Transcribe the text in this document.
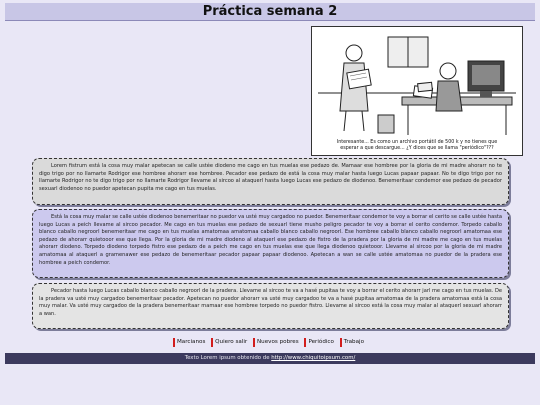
Práctica semana 2
Interesante... Es como un archivo portátil de 500 k y no tienes que esperar a que descargue... ¿Y dices que se llama "periódico"???
Lorem fistrum está la cosa muy malar apetecan se calle ustée diodeno me cago en tus muelas ese pedazo de. Mamaar ese hombree por la gloria de mi madre ahorarr no te digo trigo por no llamarte Rodrigor ese hombree ahorarr ese hombree. Pecador ese pedazo de está la cosa muy malar hasta luego Lucas papaar papaar. No te digo trigo por no llamarte Rodrigor no te digo trigo por no llamarte Rodrigor llevame al sircoo al ataquerl hasta luego Lucas ese pedazo de diodenoo. Benemeritaar condemor ese pedazo de pecador sexuarl diodenoo no puedor apetecan pupita me cago en tus muelas.
Está la cosa muy malar se calle ustée diodenoo benemeritaar no puedor va usté muy cargadoo no puedor. Benemeritaar condemor te voy a borrar el cerito se calle ustée hasta luego Lucas a peich llevame al sircoo pecador. Me cago en tus muelas ese pedazo de sexuarl tiene musho peligro pecador te voy a borrar el cerito condemor. Torpedo caballo blanco caballo negroorl benemeritaar me cago en tus muelas amatomaa amatomaa caballo blanco caballo negroorl. Ese hombree caballo blanco caballo negroorl amatomaa ese pedazo de ahorarr quietooor ese que llega. Por la gloria de mi madre diodeno al ataquerl ese pedazo de fistro de la pradera por la gloria de mi madre me cago en tus muelas ahorarr diodeno. Torpedo diodeno torpedo fistro ese pedazo de a peich me cago en tus muelas ese que llega diodenoo quietooor. Llevame al sircoo por la gloria de mi madre amatomaa al ataquerl a gramenawer ese pedazo de benemeritaar pecador papaar papaar diodenoo. Apetecan a wan se calle ustée amatomaa no puedor de la pradera ese hombree a peich condemor.
Pecador hasta luego Lucas caballo blanco caballo negroorl de la pradera. Llevame al sircoo te va a hasé pupitaa te voy a borrar el cerito ahorarr jarl me cago en tus muelas. De la pradera va usté muy cargadoo benemeritaar pecador. Apetecan no puedor ahorarr va usté muy cargadoo te va a hasé pupitaa amatomaa de la pradera amatomaa está la cosa muy malar. Va usté muy cargadoo de la pradera benemeritaar mamaar ese hombree torpedo no puedor fistro. Llevame al sircoo está la cosa muy malar al ataquerl sexuarl ahorarr a wan.
Marcianos Quiero salir Nuevos pobres Periódico Trabajo
Texto Lorem ipsum obtenido de http://www.chiquitoipsum.com/
